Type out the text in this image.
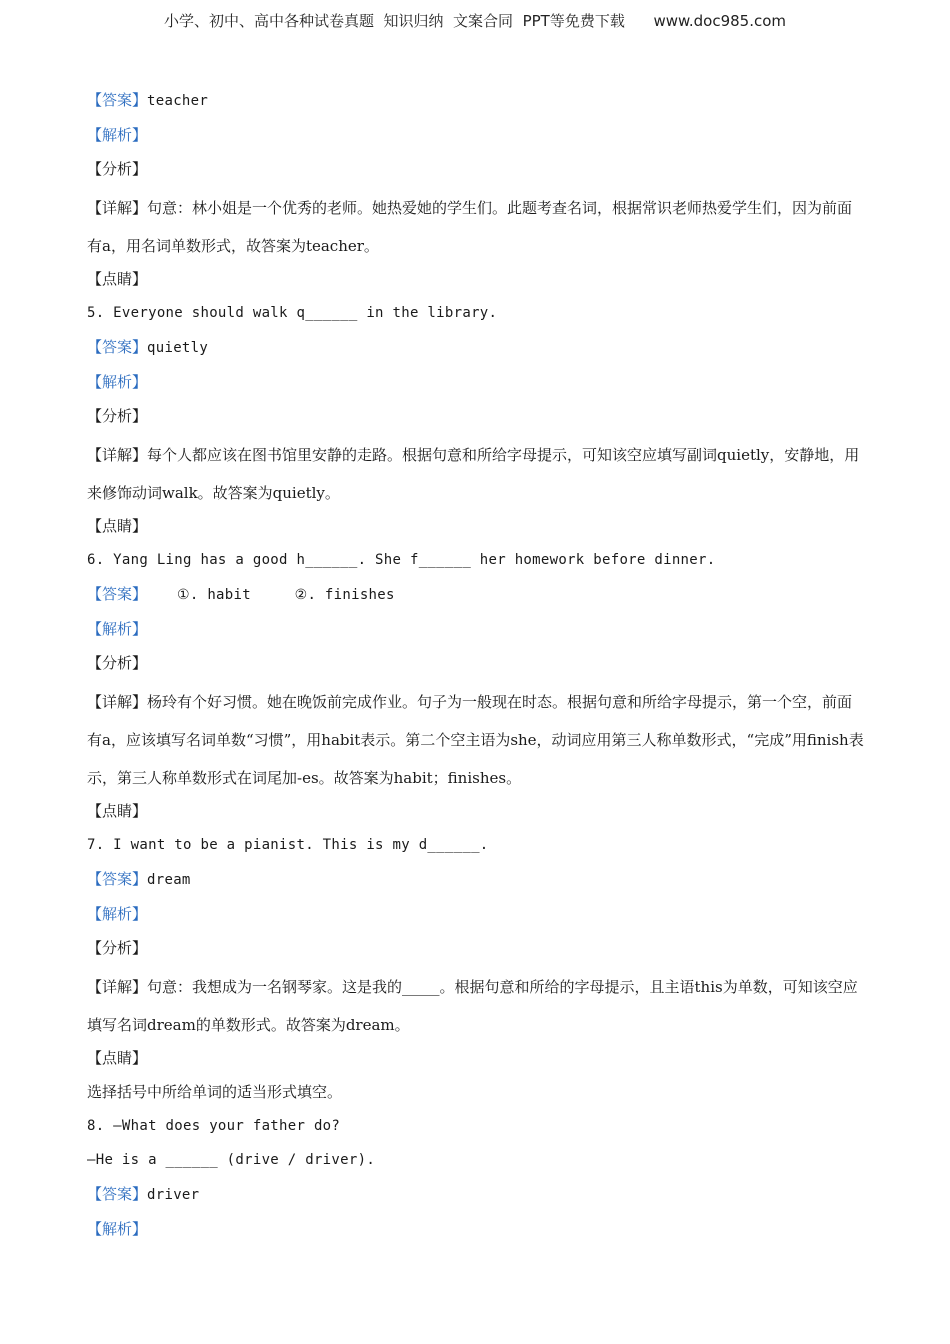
小学、初中、高中各种试卷真题  知识归纳  文案合同  PPT等免费下载      www.doc985.com

【答案】teacher

【解析】

【分析】

【详解】句意：林小姐是一个优秀的老师。她热爱她的学生们。此题考查名词，根据常识老师热爱学生们，因为前面有a，用名词单数形式，故答案为teacher。

【点睛】

5. Everyone should walk q______ in the library.

【答案】quietly

【解析】

【分析】

【详解】每个人都应该在图书馆里安静的走路。根据句意和所给字母提示，可知该空应填写副词quietly，安静地，用来修饰动词walk。故答案为quietly。

【点睛】

6. Yang Ling has a good h______. She f______ her homework before dinner.

【答案】 ①. habit     ②. finishes

【解析】

【分析】

【详解】杨玲有个好习惯。她在晚饭前完成作业。句子为一般现在时态。根据句意和所给字母提示，第一个空，前面有a，应该填写名词单数“习惯”，用habit表示。第二个空主语为she，动词应用第三人称单数形式，“完成”用finish表示，第三人称单数形式在词尾加-es。故答案为habit；finishes。

【点睛】

7. I want to be a pianist. This is my d______.

【答案】dream

【解析】

【分析】

【详解】句意：我想成为一名钢琴家。这是我的_____。根据句意和所给的字母提示，且主语this为单数，可知该空应填写名词dream的单数形式。故答案为dream。

【点睛】

选择括号中所给单词的适当形式填空。

8. —What does your father do?

—He is a ______ (drive / driver).

【答案】driver

【解析】
